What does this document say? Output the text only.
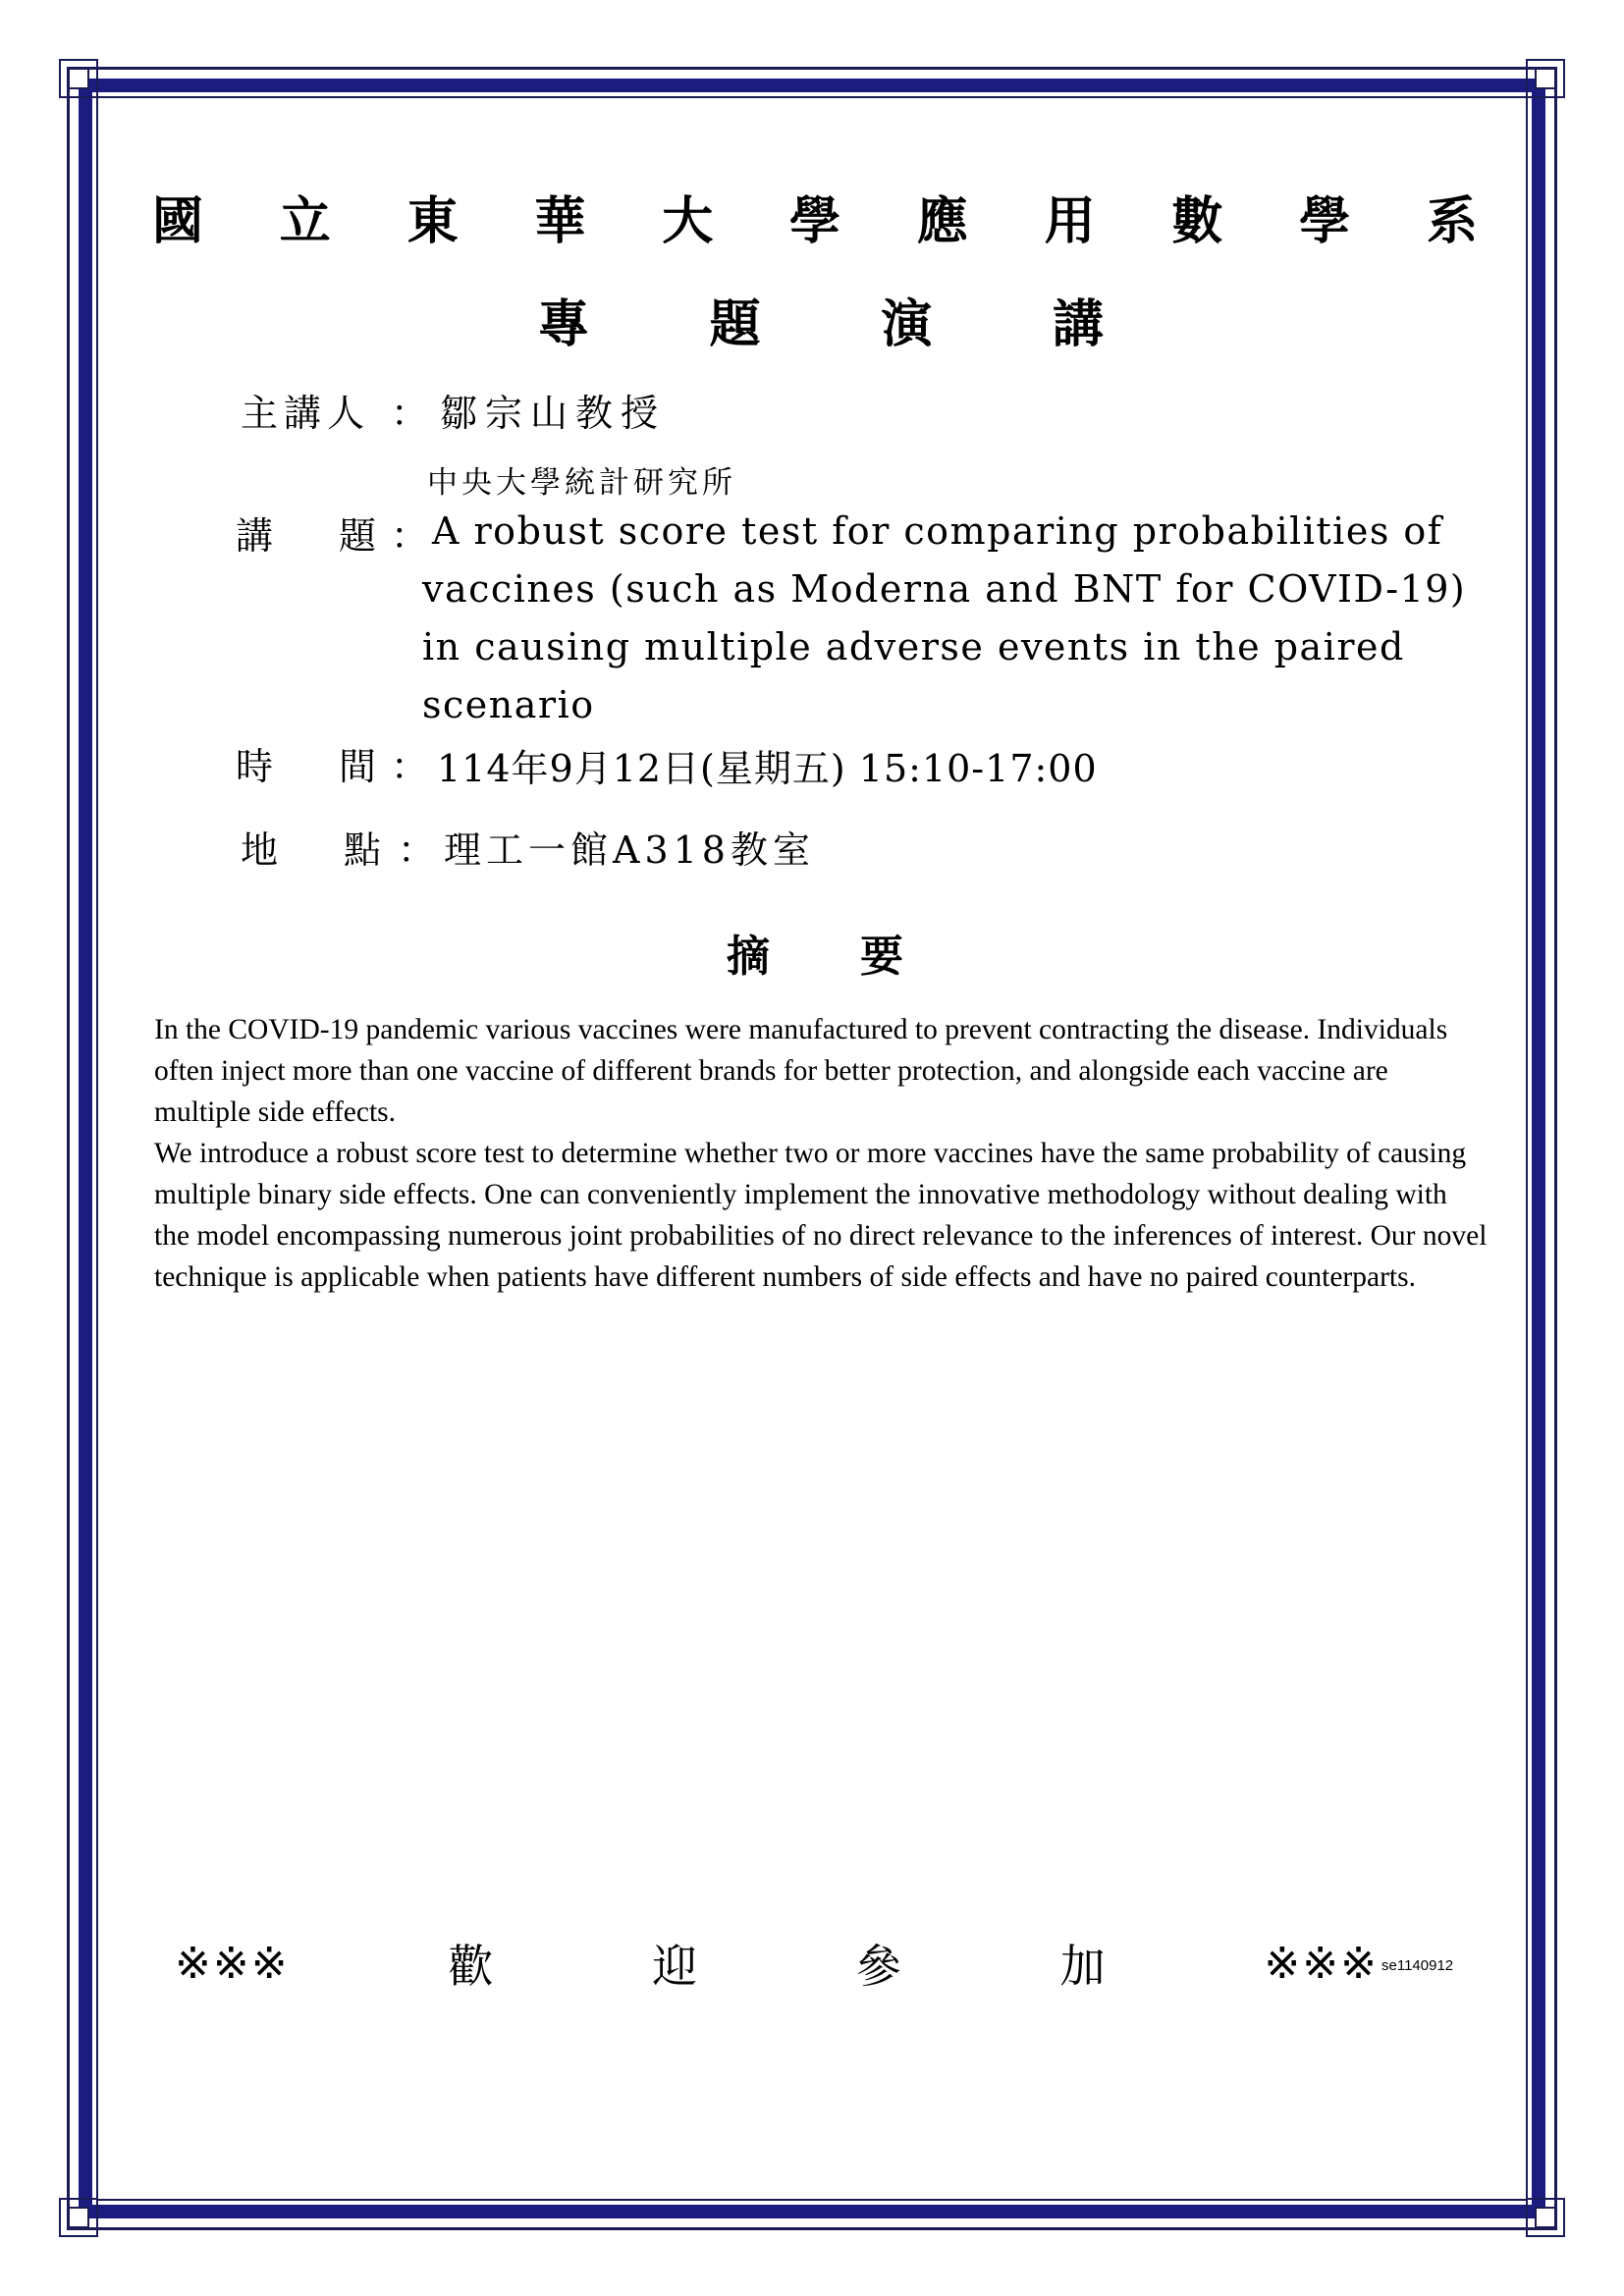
國 立 東 華 大 學 應 用 數 學 系
專 題 演 講
主講人 ： 鄒宗山教授
中央大學統計研究所
講 題 ： A robust score test for comparing probabilities of
vaccines (such as Moderna and BNT for COVID-19)
in causing multiple adverse events in the paired
scenario
時 間 ： 114年9月12日(星期五) 15:10-17:00
地 點 ： 理工一館A318教室
摘 要

In the COVID-19 pandemic various vaccines were manufactured to prevent contracting the disease. Individuals often inject more than one vaccine of different brands for better protection, and alongside each vaccine are multiple side effects.

We introduce a robust score test to determine whether two or more vaccines have the same probability of causing multiple binary side effects. One can conveniently implement the innovative methodology without dealing with the model encompassing numerous joint probabilities of no direct relevance to the inferences of interest. Our novel technique is applicable when patients have different numbers of side effects and have no paired counterparts.

※※※	歡	迎	參	加	※※※ se1140912
